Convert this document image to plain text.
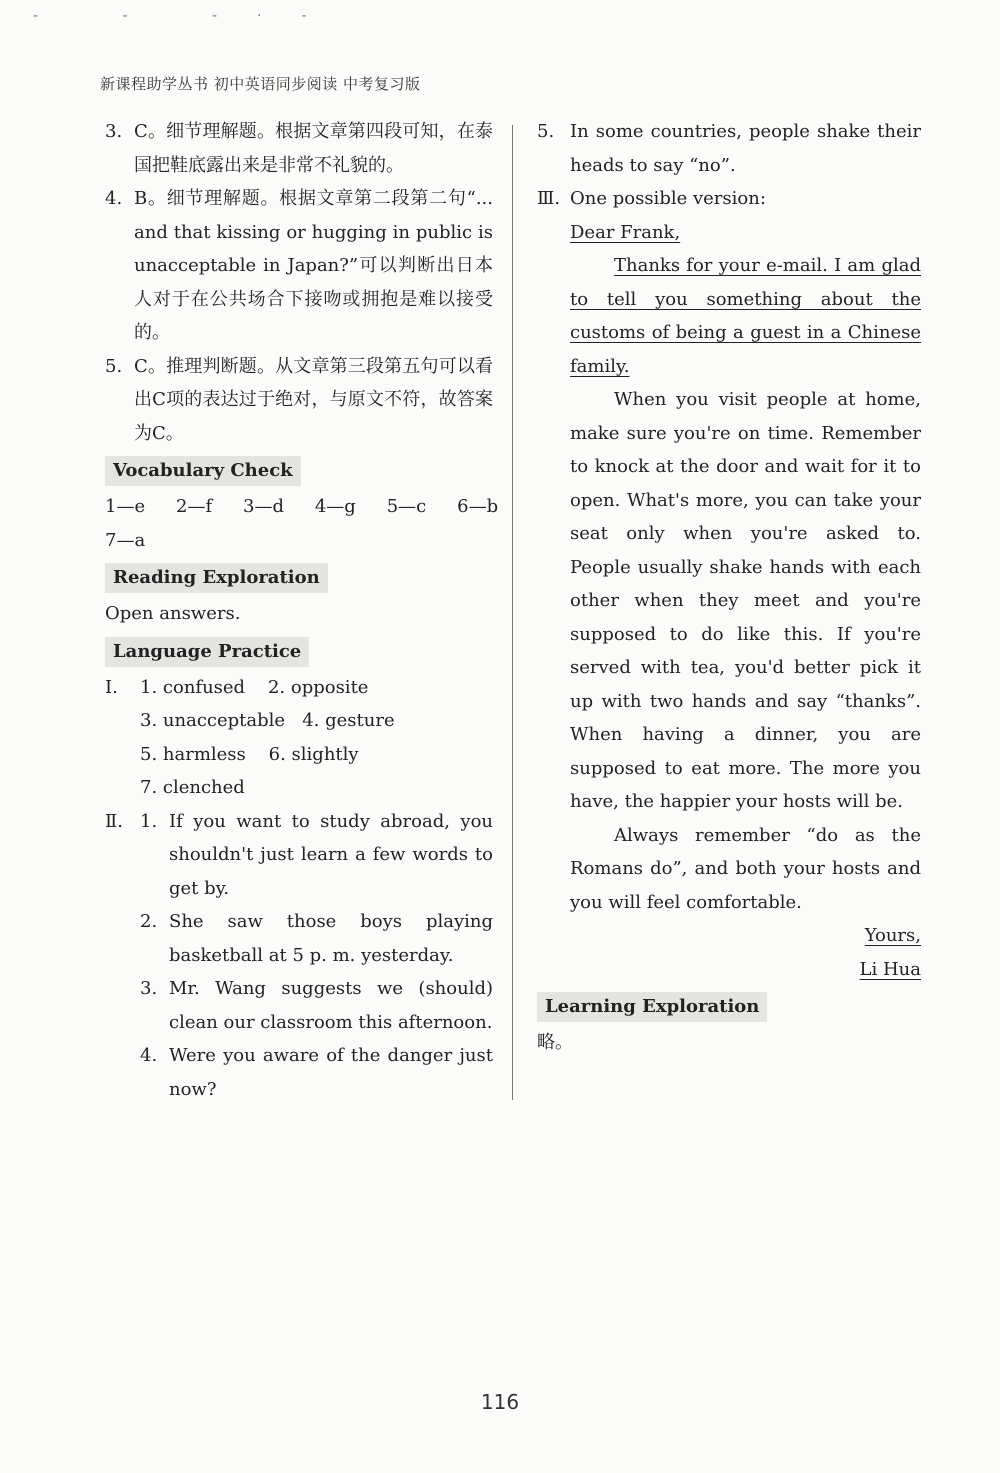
- - -·-
新课程助学丛书 初中英语同步阅读 中考复习版
3. C。细节理解题。根据文章第四段可知，在泰国把鞋底露出来是非常不礼貌的。
4. B。细节理解题。根据文章第二段第二句“... and that kissing or hugging in public is unacceptable in Japan?”可以判断出日本人对于在公共场合下接吻或拥抱是难以接受的。
5. C。推理判断题。从文章第三段第五句可以看出C项的表达过于绝对，与原文不符，故答案为C。
Vocabulary Check
1—e    2—f    3—d    4—g    5—c    6—b
7—a
Reading Exploration
Open answers.
Language Practice
Ⅰ.	1. confused    2. opposite
3. unacceptable   4. gesture
5. harmless    6. slightly
7. clenched
Ⅱ. 1. If you want to study abroad, you shouldn't just learn a few words to get by.
2. She saw those boys playing basketball at 5 p. m. yesterday.
3. Mr. Wang suggests we (should) clean our classroom this afternoon.
4. Were you aware of the danger just now?
5. In some countries, people shake their heads to say “no”.
Ⅲ. One possible version:
Dear Frank,
Thanks for your e-mail. I am glad to tell you something about the customs of being a guest in a Chinese family.
When you visit people at home, make sure you're on time. Remember to knock at the door and wait for it to open. What's more, you can take your seat only when you're asked to. People usually shake hands with each other when they meet and you're supposed to do like this. If you're served with tea, you'd better pick it up with two hands and say “thanks”. When having a dinner, you are supposed to eat more. The more you have, the happier your hosts will be.
Always remember “do as the Romans do”, and both your hosts and you will feel comfortable.
Yours,
Li Hua
Learning Exploration
略。
116
